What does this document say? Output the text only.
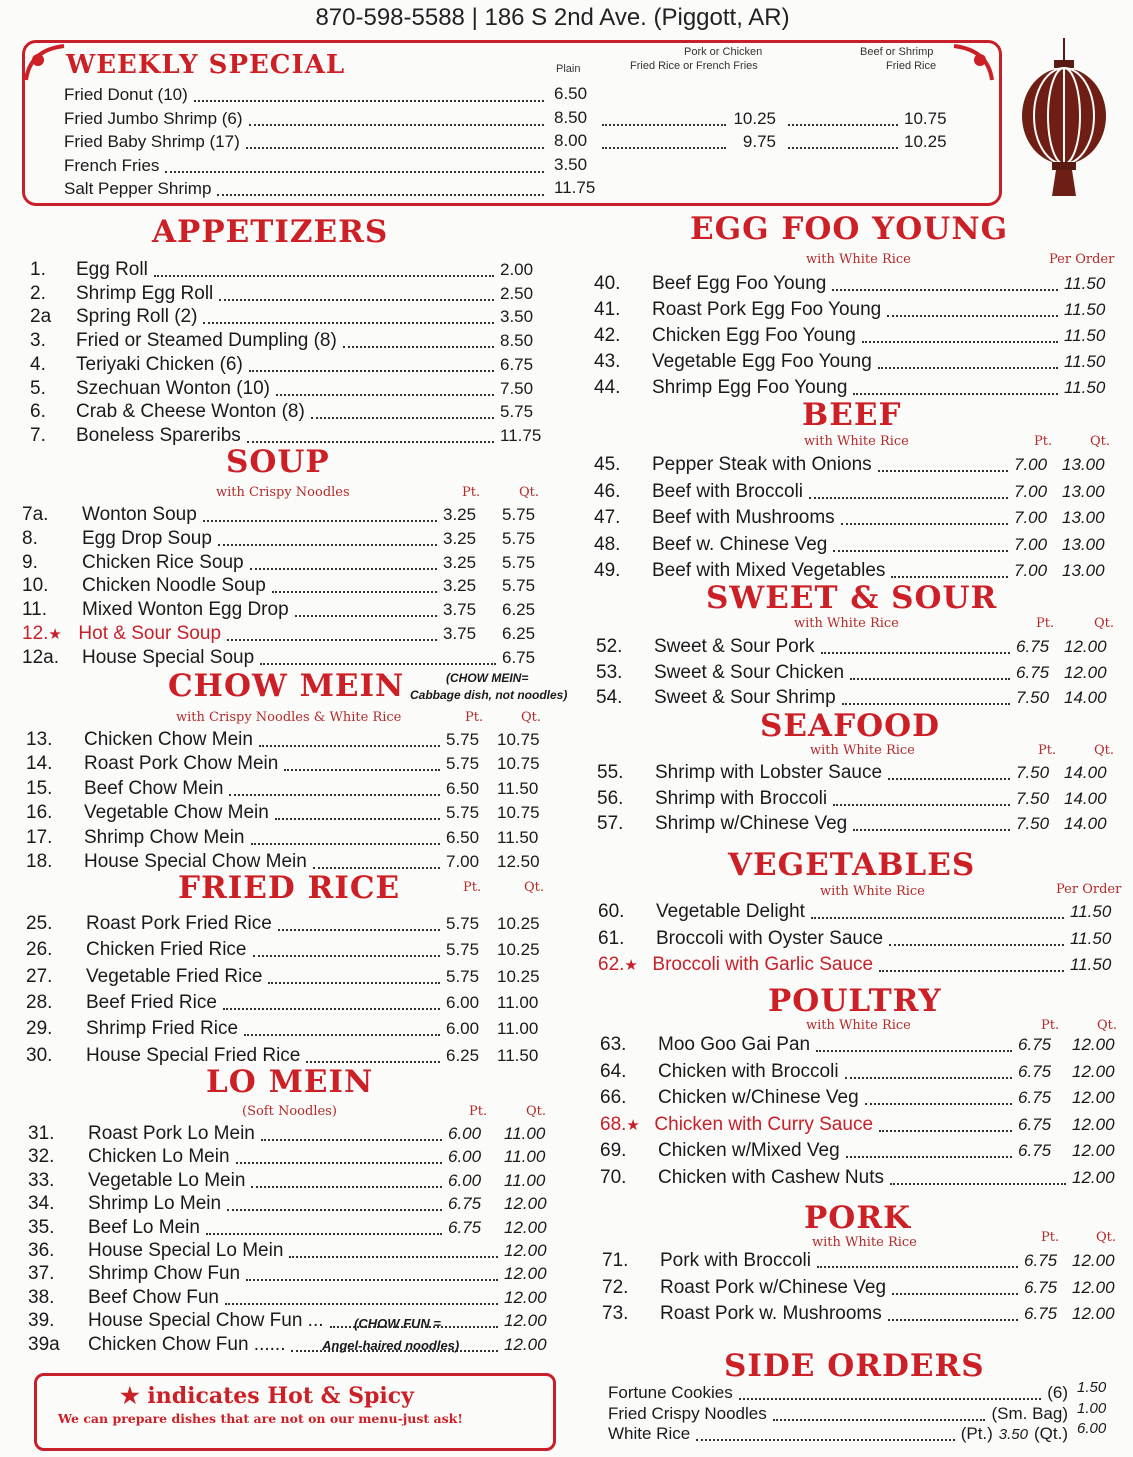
870-598-5588 | 186 S 2nd Ave. (Piggott, AR)
WEEKLY SPECIAL	Plain
Pork or Chicken
Fried Rice or French Fries
Beef or Shrimp
Fried Rice
Fried Donut (10)	6.50
Fried Jumbo Shrimp (6)	8.50	10.25	10.75
Fried Baby Shrimp (17)	8.00	9.75	10.25
French Fries	3.50
Salt Pepper Shrimp	11.75
APPETIZERS
SOUP
with Crispy Noodles	Pt.	Qt.
CHOW MEIN	(CHOW MEIN=
Cabbage dish, not noodles)
with Crispy Noodles & White Rice	Pt.	Qt.
FRIED RICE	Pt.	Qt.
LO MEIN
(Soft Noodles)	Pt.	Qt.
(CHOW FUN =
Angel-haired noodles)
★ indicates Hot & Spicy
We can prepare dishes that are not on our menu-just ask!
EGG FOO YOUNG
with White Rice	Per Order
BEEF
with White Rice	Pt.	Qt.
SWEET & SOUR
with White Rice	Pt.	Qt.
SEAFOOD
with White Rice	Pt.	Qt.
VEGETABLES
with White Rice	Per Order
POULTRY
with White Rice	Pt.	Qt.
PORK
with White Rice	Pt.	Qt.
SIDE ORDERS
1.	Egg Roll	2.00
2.	Shrimp Egg Roll	2.50
2a	Spring Roll (2)	3.50
3.	Fried or Steamed Dumpling (8)	8.50
4.	Teriyaki Chicken (6)	6.75
5.	Szechuan Wonton (10)	7.50
6.	Crab & Cheese Wonton (8)	5.75
7.	Boneless Spareribs	11.75
7a.	Wonton Soup	3.25	5.75
8.	Egg Drop Soup	3.25	5.75
9.	Chicken Rice Soup	3.25	5.75
10.	Chicken Noodle Soup	3.25	5.75
11.	Mixed Wonton Egg Drop	3.75	6.25
12. ★ Hot & Sour Soup	3.75	6.25
12a.	House Special Soup	6.75
13.	Chicken Chow Mein	5.75	10.75
14.	Roast Pork Chow Mein	5.75	10.75
15.	Beef Chow Mein	6.50	11.50
16.	Vegetable Chow Mein	5.75	10.75
17.	Shrimp Chow Mein	6.50	11.50
18.	House Special Chow Mein	7.00	12.50
25.	Roast Pork Fried Rice	5.75	10.25
26.	Chicken Fried Rice	5.75	10.25
27.	Vegetable Fried Rice	5.75	10.25
28.	Beef Fried Rice	6.00	11.00
29.	Shrimp Fried Rice	6.00	11.00
30.	House Special Fried Rice	6.25	11.50
31.	Roast Pork Lo Mein	6.00	11.00
32.	Chicken Lo Mein	6.00	11.00
33.	Vegetable Lo Mein	6.00	11.00
34.	Shrimp Lo Mein	6.75	12.00
35.	Beef Lo Mein	6.75	12.00
36.	House Special Lo Mein	12.00
37.	Shrimp Chow Fun	12.00
38.	Beef Chow Fun	12.00
39.	House Special Chow Fun ...	12.00
39a	Chicken Chow Fun ......	12.00
40.	Beef Egg Foo Young	11.50
41.	Roast Pork Egg Foo Young	11.50
42.	Chicken Egg Foo Young	11.50
43.	Vegetable Egg Foo Young	11.50
44.	Shrimp Egg Foo Young	11.50
45.	Pepper Steak with Onions	7.00 13.00
46.	Beef with Broccoli	7.00 13.00
47.	Beef with Mushrooms	7.00 13.00
48.	Beef w. Chinese Veg	7.00 13.00
49.	Beef with Mixed Vegetables	7.00 13.00
52.	Sweet & Sour Pork	6.75 12.00
53.	Sweet & Sour Chicken	6.75 12.00
54.	Sweet & Sour Shrimp	7.50 14.00
55.	Shrimp with Lobster Sauce	7.50 14.00
56.	Shrimp with Broccoli	7.50 14.00
57.	Shrimp w/Chinese Veg	7.50 14.00
60.	Vegetable Delight	11.50
61.	Broccoli with Oyster Sauce	11.50
62. ★ Broccoli with Garlic Sauce	11.50
63.	Moo Goo Gai Pan	6.75	12.00
64.	Chicken with Broccoli	6.75	12.00
66.	Chicken w/Chinese Veg	6.75	12.00
68. ★ Chicken with Curry Sauce	6.75	12.00
69.	Chicken w/Mixed Veg	6.75	12.00
70.	Chicken with Cashew Nuts	12.00
71.	Pork with Broccoli	6.75 12.00
72.	Roast Pork w/Chinese Veg	6.75 12.00
73.	Roast Pork w. Mushrooms	6.75 12.00
Fortune Cookies	(6) 1.50
Fried Crispy Noodles	(Sm. Bag) 1.00
White Rice	(Pt.) 3.50 (Qt.) 6.00
